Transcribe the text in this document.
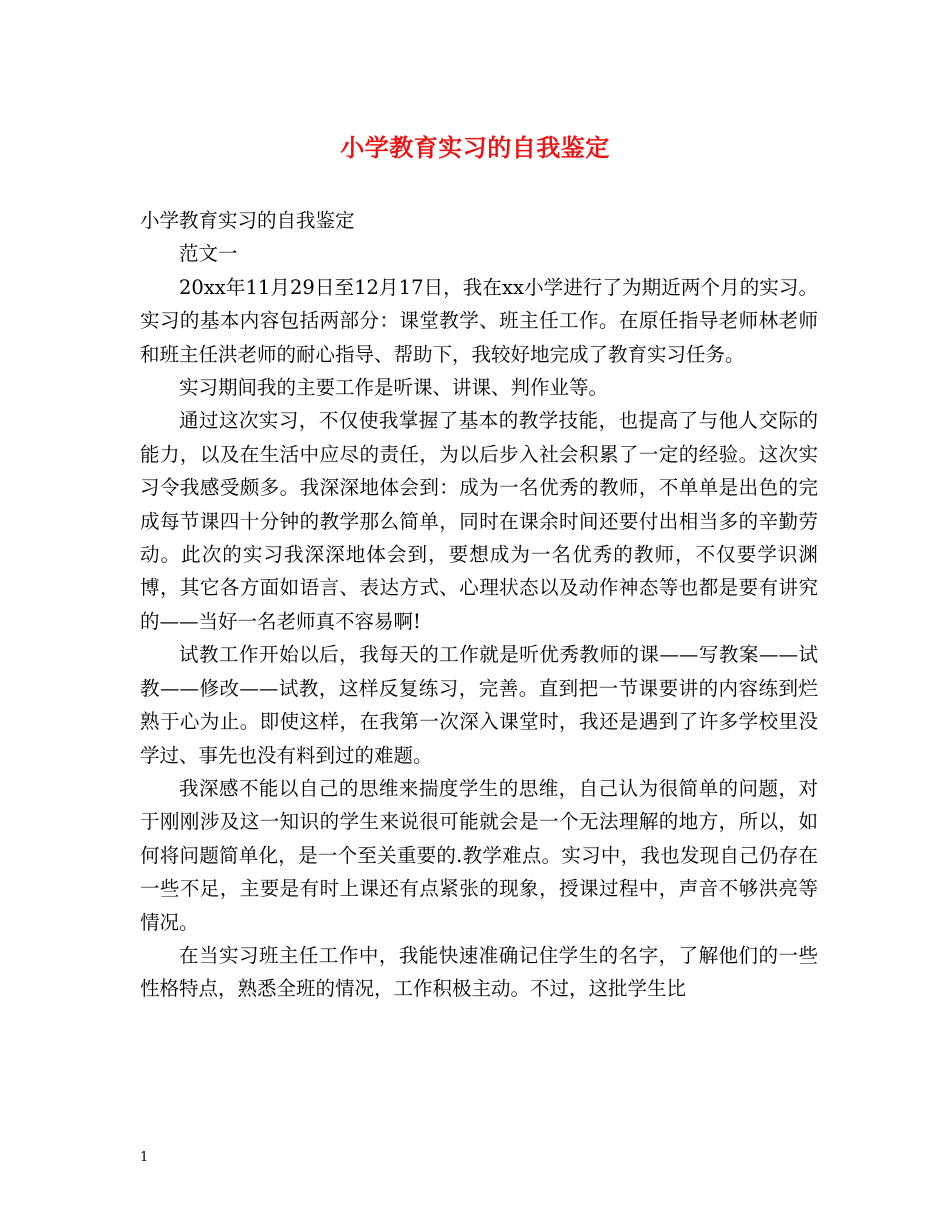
小学教育实习的自我鉴定

小学教育实习的自我鉴定

范文一

20xx年11月29日至12月17日，我在xx小学进行了为期近两个月的实习。实习的基本内容包括两部分：课堂教学、班主任工作。在原任指导老师林老师和班主任洪老师的耐心指导、帮助下，我较好地完成了教育实习任务。

实习期间我的主要工作是听课、讲课、判作业等。

通过这次实习，不仅使我掌握了基本的教学技能，也提高了与他人交际的能力，以及在生活中应尽的责任，为以后步入社会积累了一定的经验。这次实习令我感受颇多。我深深地体会到：成为一名优秀的教师，不单单是出色的完成每节课四十分钟的教学那么简单，同时在课余时间还要付出相当多的辛勤劳动。此次的实习我深深地体会到，要想成为一名优秀的教师，不仅要学识渊博，其它各方面如语言、表达方式、心理状态以及动作神态等也都是要有讲究的——当好一名老师真不容易啊!

试教工作开始以后，我每天的工作就是听优秀教师的课——写教案——试教——修改——试教，这样反复练习，完善。直到把一节课要讲的内容练到烂熟于心为止。即使这样，在我第一次深入课堂时，我还是遇到了许多学校里没学过、事先也没有料到过的难题。

我深感不能以自己的思维来揣度学生的思维，自己认为很简单的问题，对于刚刚涉及这一知识的学生来说很可能就会是一个无法理解的地方，所以，如何将问题简单化，是一个至关重要的.教学难点。实习中，我也发现自己仍存在一些不足，主要是有时上课还有点紧张的现象，授课过程中，声音不够洪亮等情况。

在当实习班主任工作中，我能快速准确记住学生的名字，了解他们的一些性格特点，熟悉全班的情况，工作积极主动。不过，这批学生比

1
